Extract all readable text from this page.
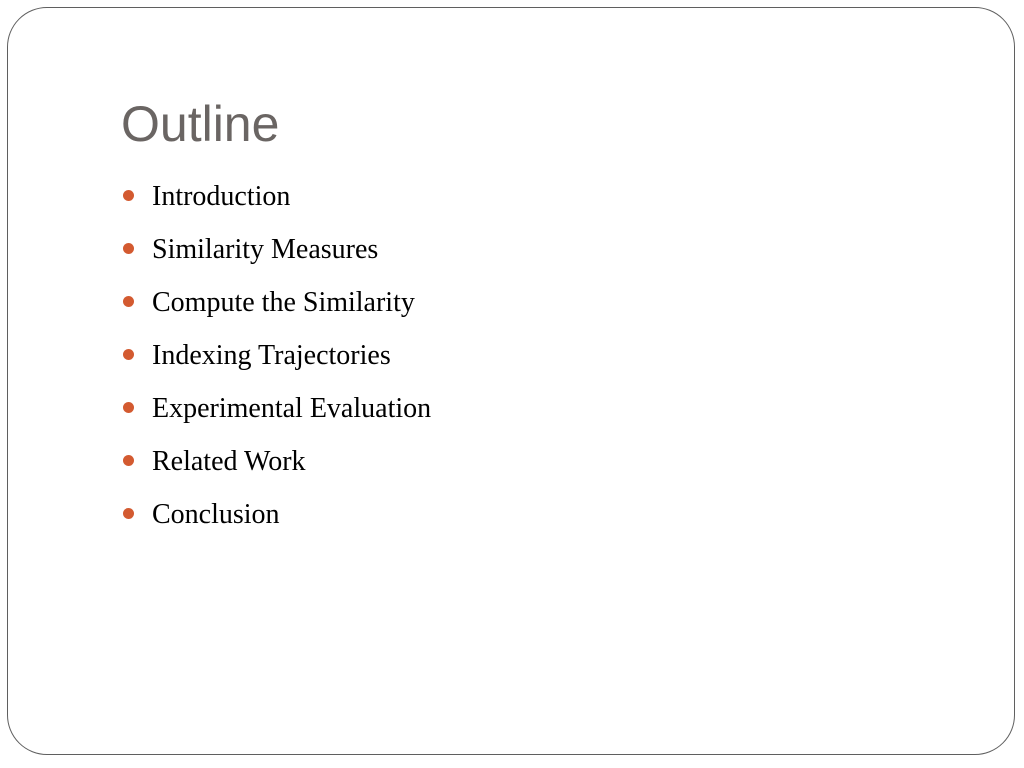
Outline
Introduction
Similarity Measures
Compute the Similarity
Indexing Trajectories
Experimental Evaluation
Related Work
Conclusion
